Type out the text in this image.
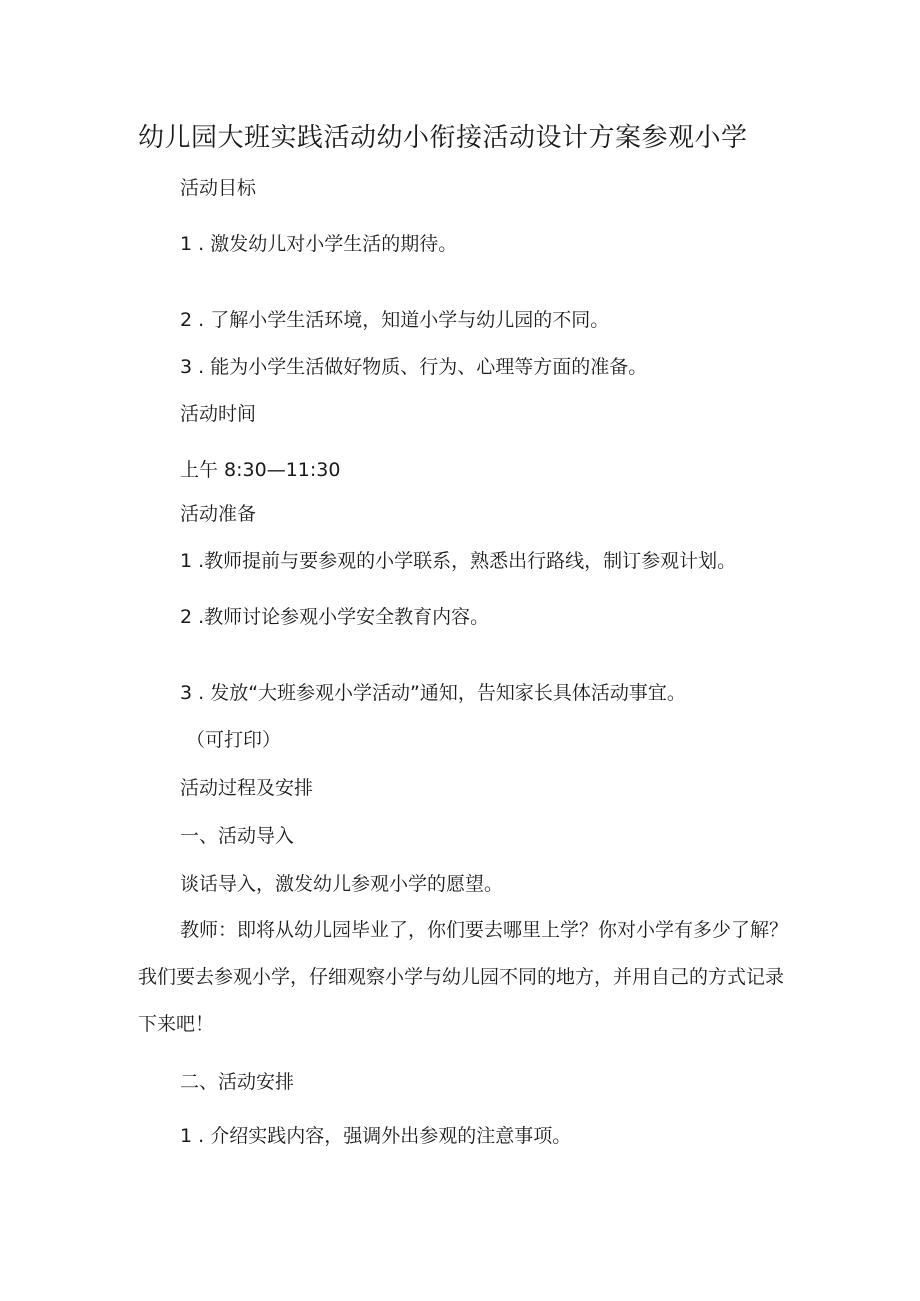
幼儿园大班实践活动幼小衔接活动设计方案参观小学
活动目标
1 . 激发幼儿对小学生活的期待。
2 . 了解小学生活环境，知道小学与幼儿园的不同。
3 . 能为小学生活做好物质、行为、心理等方面的准备。
活动时间
上午 8:30—11:30
活动准备
1 .教师提前与要参观的小学联系，熟悉出行路线，制订参观计划。
2 .教师讨论参观小学安全教育内容。
3 . 发放“大班参观小学活动”通知，告知家长具体活动事宜。
（可打印）
活动过程及安排
一、活动导入
谈话导入，激发幼儿参观小学的愿望。
教师：即将从幼儿园毕业了，你们要去哪里上学？你对小学有多少了解？我们要去参观小学，仔细观察小学与幼儿园不同的地方，并用自己的方式记录下来吧！
二、活动安排
1 . 介绍实践内容，强调外出参观的注意事项。
